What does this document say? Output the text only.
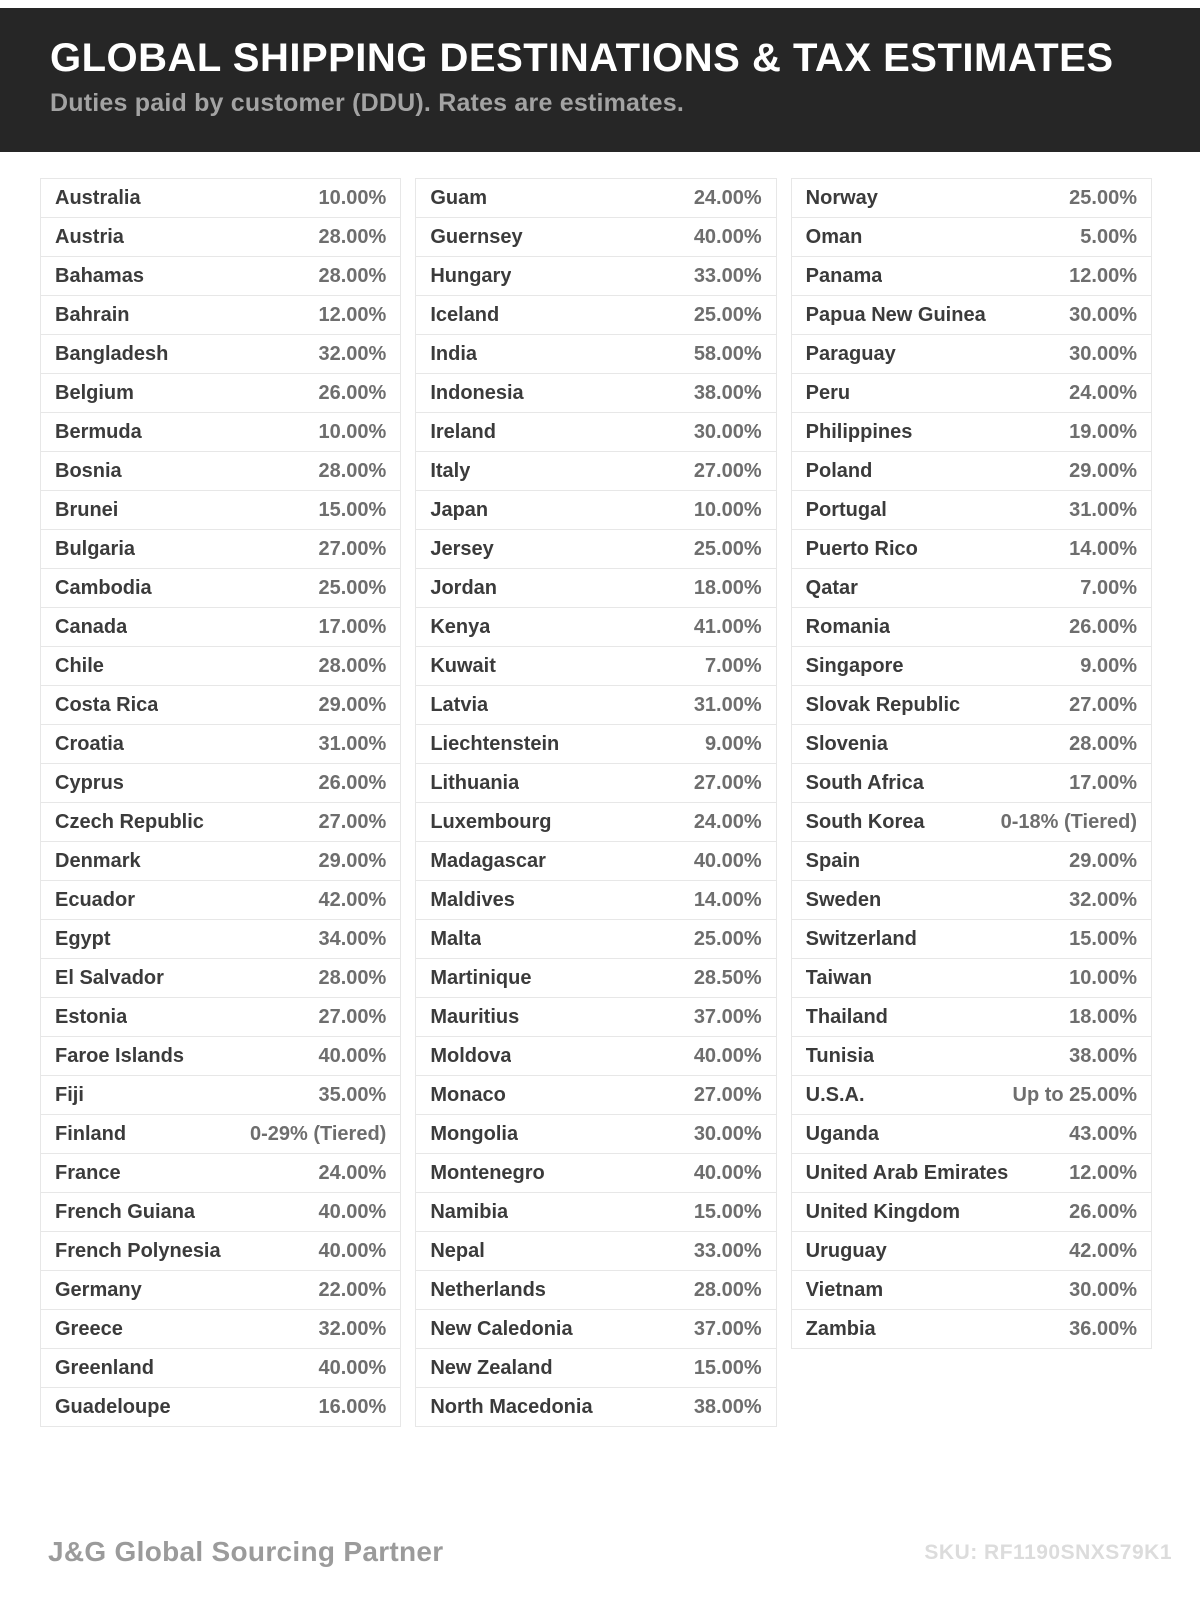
GLOBAL SHIPPING DESTINATIONS & TAX ESTIMATES

Duties paid by customer (DDU). Rates are estimates.

Australia	10.00%
Austria	28.00%
Bahamas	28.00%
Bahrain	12.00%
Bangladesh	32.00%
Belgium	26.00%
Bermuda	10.00%
Bosnia	28.00%
Brunei	15.00%
Bulgaria	27.00%
Cambodia	25.00%
Canada	17.00%
Chile	28.00%
Costa Rica	29.00%
Croatia	31.00%
Cyprus	26.00%
Czech Republic	27.00%
Denmark	29.00%
Ecuador	42.00%
Egypt	34.00%
El Salvador	28.00%
Estonia	27.00%
Faroe Islands	40.00%
Fiji	35.00%
Finland	0-29% (Tiered)
France	24.00%
French Guiana	40.00%
French Polynesia	40.00%
Germany	22.00%
Greece	32.00%
Greenland	40.00%
Guadeloupe	16.00%
Guam	24.00%
Guernsey	40.00%
Hungary	33.00%
Iceland	25.00%
India	58.00%
Indonesia	38.00%
Ireland	30.00%
Italy	27.00%
Japan	10.00%
Jersey	25.00%
Jordan	18.00%
Kenya	41.00%
Kuwait	7.00%
Latvia	31.00%
Liechtenstein	9.00%
Lithuania	27.00%
Luxembourg	24.00%
Madagascar	40.00%
Maldives	14.00%
Malta	25.00%
Martinique	28.50%
Mauritius	37.00%
Moldova	40.00%
Monaco	27.00%
Mongolia	30.00%
Montenegro	40.00%
Namibia	15.00%
Nepal	33.00%
Netherlands	28.00%
New Caledonia	37.00%
New Zealand	15.00%
North Macedonia	38.00%
Norway	25.00%
Oman	5.00%
Panama	12.00%
Papua New Guinea	30.00%
Paraguay	30.00%
Peru	24.00%
Philippines	19.00%
Poland	29.00%
Portugal	31.00%
Puerto Rico	14.00%
Qatar	7.00%
Romania	26.00%
Singapore	9.00%
Slovak Republic	27.00%
Slovenia	28.00%
South Africa	17.00%
South Korea	0-18% (Tiered)
Spain	29.00%
Sweden	32.00%
Switzerland	15.00%
Taiwan	10.00%
Thailand	18.00%
Tunisia	38.00%
U.S.A.	Up to 25.00%
Uganda	43.00%
United Arab Emirates	12.00%
United Kingdom	26.00%
Uruguay	42.00%
Vietnam	30.00%
Zambia	36.00%
J&G Global Sourcing Partner	SKU: RF1190SNXS79K1
